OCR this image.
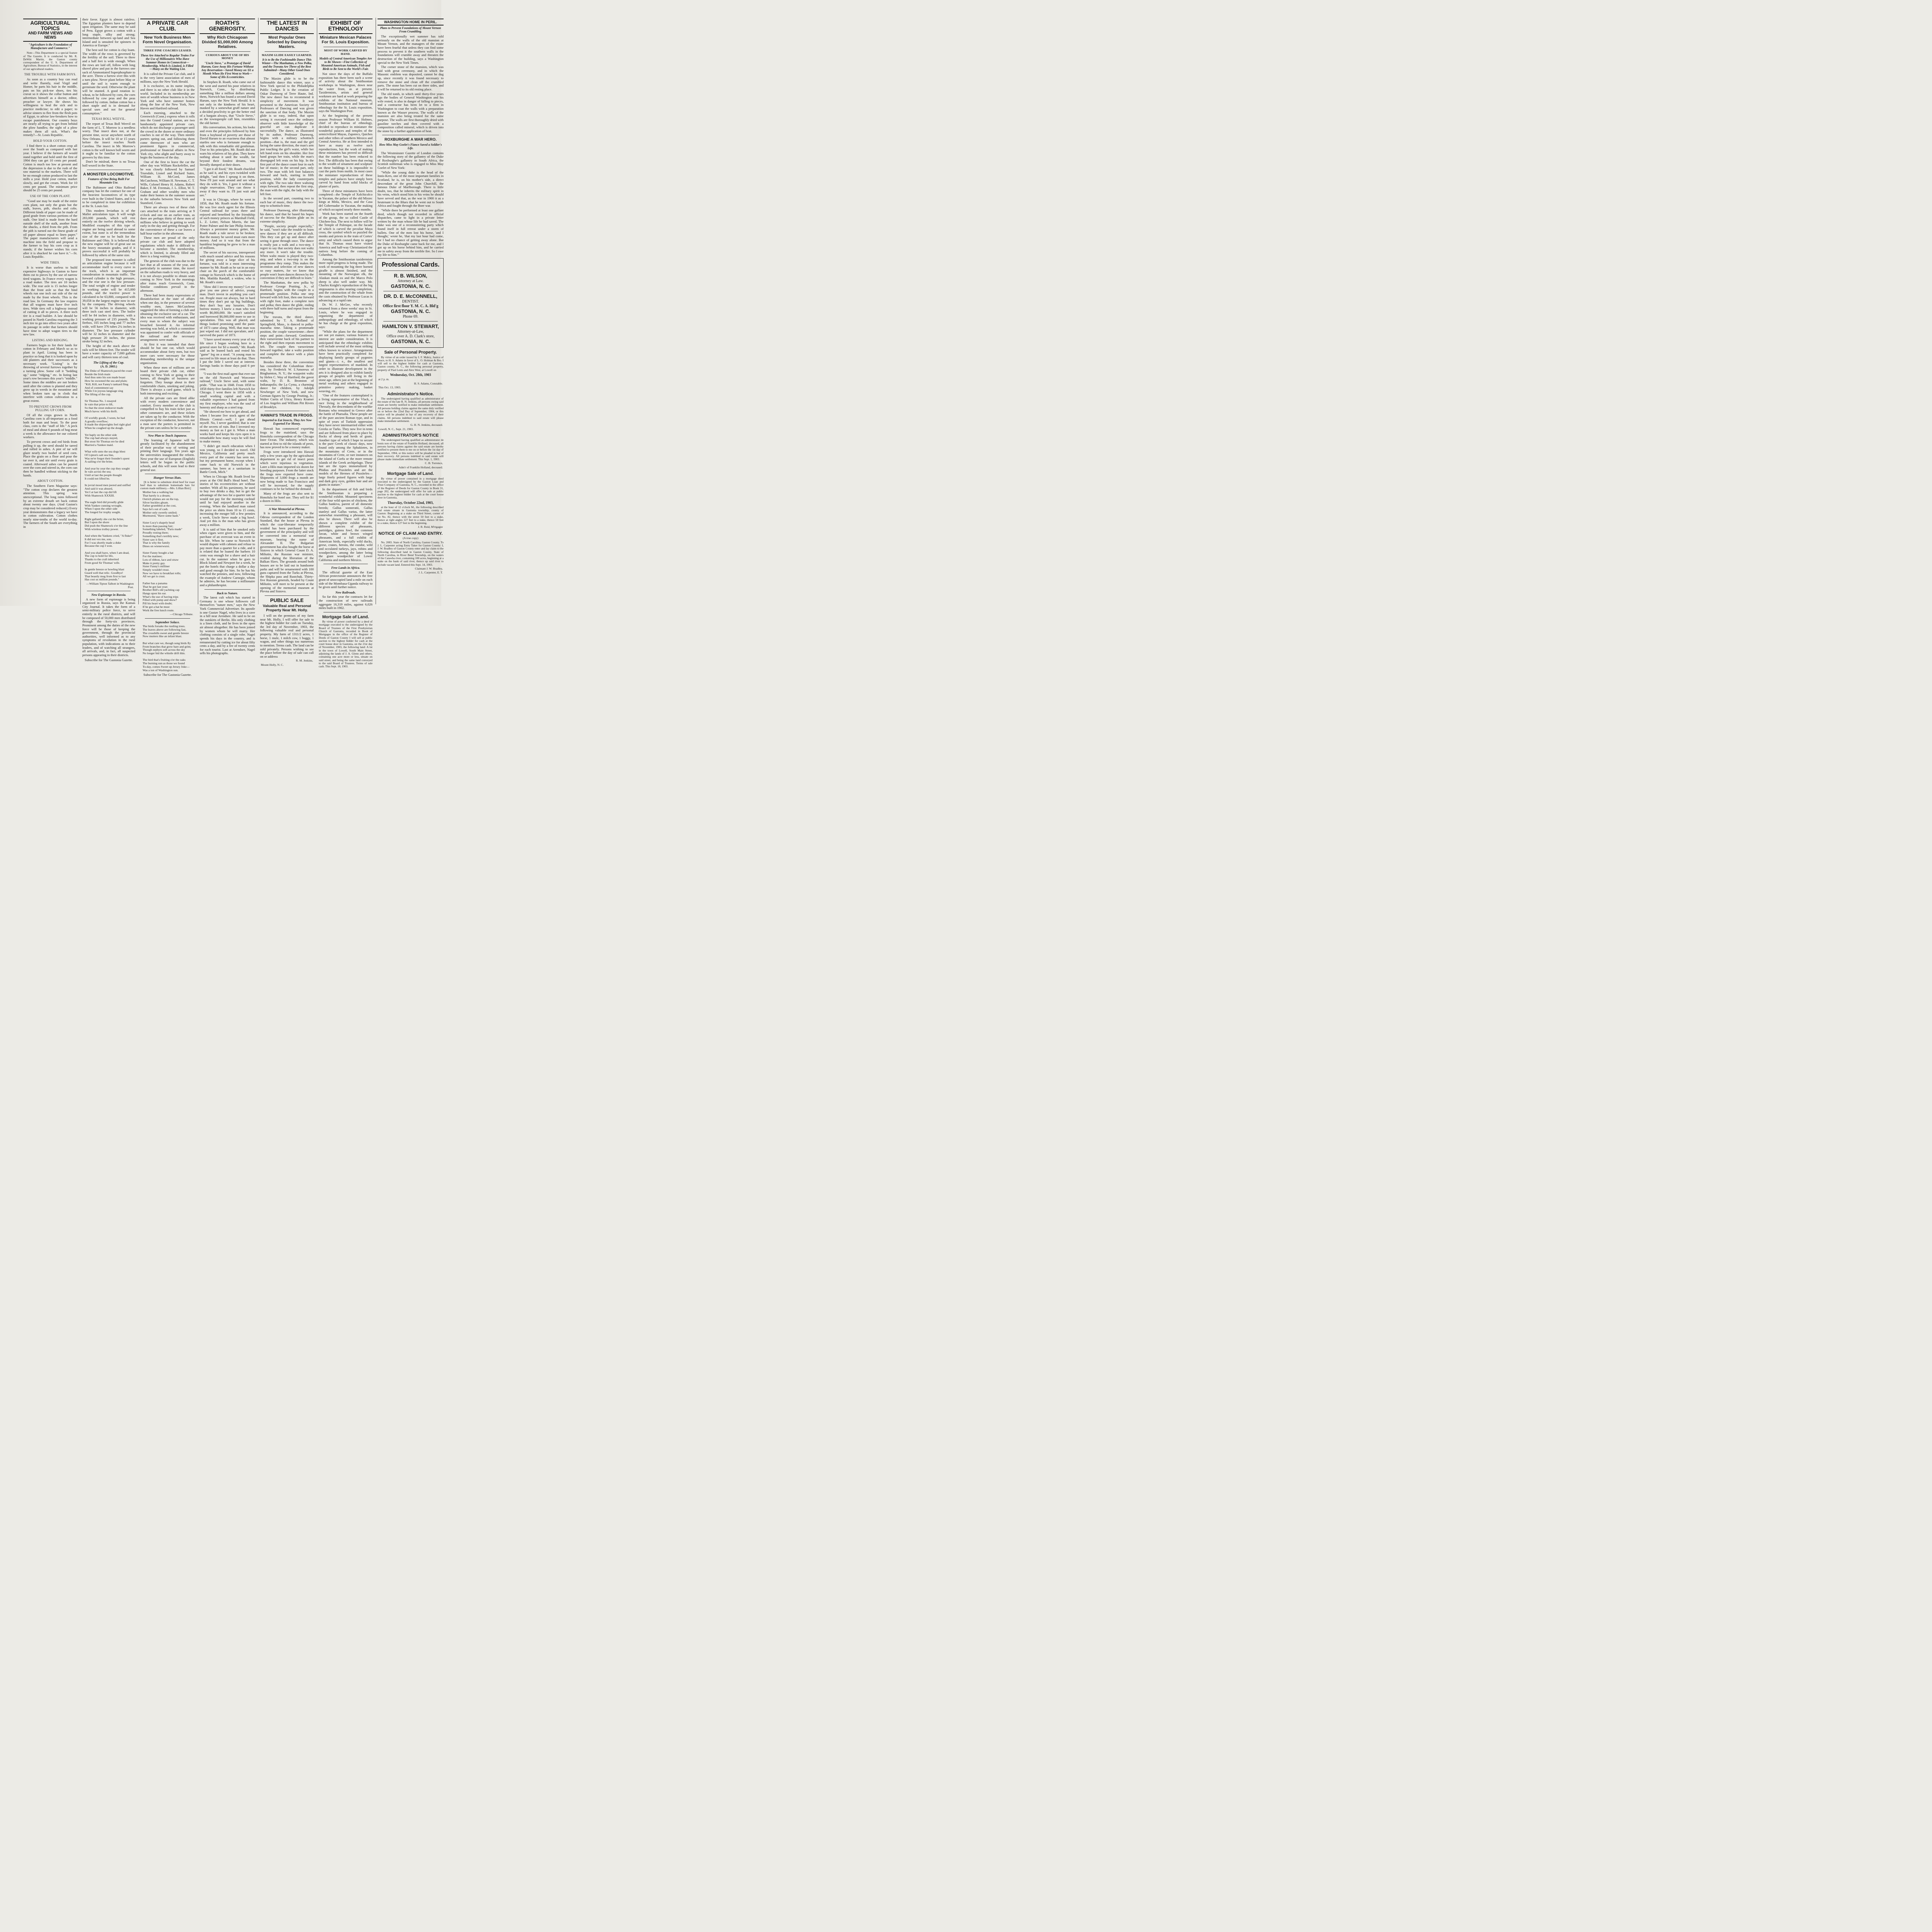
AGRICULTURAL TOPICS
AND FARM VIEWS AND NEWS
"Agriculture is the Foundation of Manufacture and Commerce."

Note—This Department is a special feature of The Gazette. It is conducted by Mr. R. DeWitt Martin, the Gaston county correspondent of the U. S. Department of Agriculture, Bureau of Statistics, in the interest of our agricultural readers.

THE TROUBLE WITH FARM BOYS.

As soon as a country boy can read and write fluently, read Virgil and Homer, he parts his hair in the middle, puts on his pick-toe shoes, ties his cravat so it shows the collar button and advertises himself as a doctor, editor, preacher or lawyer. He shows his willingness to heal the sick and to practice medicine; to edit a paper; to advise sinners to flee from the flesh pots of Egypt, to advise law-breakers how to escape punishment. Our country boys are nearly all trying to get from behind the plow handles; the sight of a plow makes them all sick. What's the remedy?—St. Louis Republic.

HOLD YOUR COTTON.

I find there is a short cotton crop all over the South as compared with last year. I believe if the farmers all would stand together and hold until the first of 1904 they can get 10 cents per pound. Cotton is much too low at present and the depression is due to the rush of the raw material to the markets. There will be no enough cotton produced to last the mills a year. Hold your cotton, market slowly, and get the cream. Work for 10 cents per pound. The minimum price should be 25 cents per pound.

USE OF THE CORN PLANT.

"Good use may be made of the entire corn plant, not only the grain but the stalk, leaves, pith, shucks and cobs. Different kinds of paper can be made of good grade from various portions of the stalk. One kind is made from the hard outside shell of the stalk, another from the shucks, a third from the pith. From the pith is turned out the finest grade of oil paper almost equal to linen paper." The paper manufacturers will send a machine into the field and propose to the farmer to buy his corn crop as it stands; if the farmer wishes his corn after it is shucked he can have it."—St. Louis Republic.

WIDE TIRES.

It is worse than useless to build expensive highways in Gaston to have them cut to pieces by the use of narrow tired wagons. In France every wagon is a road maker. The tires are 10 inches wide. The rear axle is 15 inches longer than the front axle so that the hind wheels run one inch out side of the rut made by the front wheels. This is the road law. In Germany the law requires that all wagons must have five inch tires. Wide tires roll a highway instead of cutting it all to pieces. A three inch tire is a road builder. A law should be passed in North Carolina requiring the 3 inch tire to go into effect two years after its passage in order that farmers should have time to adopt wagon tires to the new law.

LISTING AND RIDGING.

Farmers begin to list their lands for cotton in February and March so as to plant in April. Listing has been in practice so long that it is looked upon by old planters and their successors as a necessary work. "Listing" is the throwing of several furrows together by a turning plow. Some call it "bedding up," some "ridging," etc. In listing last year's row becomes this year's "middle." Some times the middles are not broken until after the cotton is planted and they grow up in weeds in the meantime and when broken turn up in clods that interfere with cotton cultivation to a great extent.

TO PREVENT CROWS FROM PULLING UP CORN.

Of all the crops grown in North Carolina corn is all-important as a food both for man and beast. To the poor class, corn is the "staff of life." A peck of meal and about 6 pounds of hog meat a week is the allowance for our colored workers.

To prevent crows and red birds from pulling it up, the seed should be tarred and rolled in ashes. A pint of tar will glaze nearly two bushel of seed corn. Place the grain on a floor and pour the tar over it, and stir until every grain is coated. Afterward ashes can be poured over the corn and stirred in, the corn can then be handled without sticking to the hands.

ABOUT COTTON.

The Southern Farm Magazine says: "The cotton crop declares the greatest attention. This spring was unexceptional. The long rains followed by an extreme drouth set back cotton about twenty one days. (And Gaston's crop may be considered reduced.) Every year demonstrates that a legacy we have in cotton cultivation. Cotton clothes nearly nine-tenths of the world to-day. The farmers of the South are everything in

their favor. Egypt is almost rainless. The Egyptian planters have to depend upon irrigation. The same may be said of Peru. Egypt grows a cotton with a long staple, silky and strong; intermediate between up-land and Sea Island and is unsuited for spinners in America or Europe."

The best soil for cotton is clay loam. The width of the rows is governed by the fertility of the soil. Three to three and a half feet is wide enough. When the rows are laid off, follow with long shovel plow and put in the furrows one sack of Ammoniated Superphosphate to the acre. Throw a furrow over this with a turn plow. Never plant before May or until the soil is warm enough to germinate the seed. Otherwise the plant will be stunted. A good rotation is: wheat, to be followed by corn, the corn followed by cow peas and the peas followed by cotton. Indian cotton has a short staple and is in demand for special uses and not for general consumption."

TEXAS BOLL WEEVIL.

The report of Texas Boll Weevil on the farm of L. T. Morrow is a needless worry. That insect does not, at the present time, occur anywhere north of New Orleans. It will be 10 or 15 years before the insect reaches North Carolina. The insect in Mr. Morrow's cotton is the well known boll worm and it ought to be familiar to the cotton growers by this time.

Don't be mislead, there is no Texas boll weavil in the State.

A MONSTER LOCOMOTIVE.
Features of One Being Built For Mountain Use.

The Baltimore and Ohio Railroad company has let the contract for one of the heaviest locomotives of its type ever built in the United States, and it is to be completed in time for exhibition at the St. Louis fair.

This modern leviathan is of the Mallet articulation type. It will weigh 283,000 pounds, which will rest entirely on the twelve driving wheels. Modified examples of this type of engine are being used abroad to some extent, but none is of the tremendous size of the one to be built for the Baltimore and Ohio. It is believed that the new engine will be of great use on the heavy mountain grades, and if it proves successful it will probably be followed by others of the same size.

The proposed iron monster is called an articulation engine because it will accommodate itself to every curve in the track, which is an important consideration in mountain traffic. The forward cylinder is the high pressure, and the rear one is the low pressure. The total weight of engine and tender in working order will be 415,000 pounds, and the tractive power is calculated to be 63,800, compared with 39,058 in the largest engine now in use by the company. The driving wheels will be 56 inches in diameter, with three inch cast steel tires. The boiler will be 84 inches in diameter, with a working pressure of 235 pounds. The firebox, 105 inches long and 77 inches wide, will have 376 tubes 2¼ inches in diameter. The low pressure cylinder will be 32 inches in diameter and the high pressure 20 inches, the piston stroke being 32 inches.

The height of the stack above the rails will be fifteen feet. The tender will have a water capacity of 7,000 gallons and will carry thirteen tons of coal.

The Lifting of the Cup.
(A. D. 2003.)
The Duke of Shamrock paced the coast
Beside the Irish main
And thus unto his son made boast
How he swooned the sea and plain;
"Kill, Kill, not Fanny's tankard fling
And of contentment say
While I in joyous language sing
The lifting of the cup.

Sir Thomas No. 1 essayed
In vain that prize to lift,
So that the stout endeavor made
Much havoc with his thrift.

Of worldly goods, I ween, he had
A goodly overflow;
It made the shipwrights feel right glad
When he coughed up the dough.

Yet haply on the other side
The cup had always stayed,
But stout Sir Thomas ere he died
Married a Yankee maid.

What wife unto the sea dogs blest
Of Lipton's salt sea line,
Was ne'er forgot their founder's quest
A-sailing o'er the brine.

And year by year the cup they sought
In vain across the sea;
Until at last the people thought
It could not lifted be.

In jovial mood men jeered and sniffed
And said it was absurd,
Yet I at last the cup did lift
With Shamrock XXXIII.

The eagle bird did proudly glide
With Yankee cunning wrought,
When I upon the other side
The longed for trophy sought.

Right gallantly she cut the brine,
But I upon the shore
Did push the Shamrock o'er the line
With wireless trolley power.

And when the Yankees cried, "A fluke!"
It did not vex me, son,
For I was shortly made a duke
Because the cup I won.

And you shall have, when I am dead,
The cup to hold for life,
Thanks to the craft inherited
From good Sir Thomas' wife.

In gentle breeze or howling blast
Guard well that relic. Goodbye!
That beastly mug from first to last
Has cost us million pounds."
—William Tipton Talbott in Washington Post.
New Espionage in Russia.

A new form of espionage is being organized in Russia, says the Kansas City Journal. It takes the form of a semi-military police force, to serve entirely in the rural districts, and will be composed of 50,000 men distributed through the forty-six provinces. Prominent among the duties of the new force will be those of keeping the government, through the provincial authorities, well informed as to any symptoms of revolution in the rural population, with indications as to their leaders, and of watching all strangers, all arrivals, and, in fact, all suspected persons appearing in their districts.

Subscribe for The Gastonia Gazette.
A PRIVATE CAR CLUB.
New York Business Men Form Novel Organisation.
THREE FINE COACHES LEASED.
These Are Attached to Regular Trains For the Use of Millionaires Who Have Summer Homes in Connecticut—Membership, Which Is Limited, is Filled—Many on the Waiting List.

It is called the Private Car club, and it is the very latest association of men of millions, says the New York Herald.

It is exclusive, as its name implies, and there is no other club like it in the world. Included in its membership are men of wealth whose business is in New York and who have summer homes along the line of the New York, New Haven and Hartford railroad.

Each morning, attached to the Greenwich (Conn.) express when it rolls into the Grand Central station, are two handsomely appointed private cars, which do not discharge a passenger until the crowd in the dozen or more ordinary coaches is out of the way. Then nimble porters spring out, and following them come threescore of men who are prominent figures in commercial, professional or financial affairs in New York city, who alight and hurry away to begin the business of the day.

One of the first to leave the car the other day was William Rockefeller, and he was closely followed by Samuel Truesdale, Lionel and Richard Sutro, William H. McCord, James McCutcheon, William H. Newman, C. T. Wills, Colonel Henry H. Adams, Robert Baker, F. M. Freeman, J. L. Elliot, W. T. Graham and other wealthy men who make their homes in the summer season in the suburbs between New York and Stamford, Conn.

There are always two of these club cars attached to the train arriving at 9 o'clock and one on an earlier train, as there are perhaps thirty of these men of millions who believe in getting to work early in the day and getting through. For the convenience of these a car leaves a half hour earlier in the afternoon.

These men are proud of the only private car club and have adopted regulations which make it difficult to become a member. The membership, which is limited, is already filled and there is a long waiting list.

The genesis of the club was due to the fact that at all seasons of the year, and particularly in summer time, the travel on the suburban roads is very heavy, and it is not always possible to obtain seats coming to New York in the mornings after trains reach Greenwich, Conn. Similar conditions prevail in the afternoon.

There had been many expressions of dissatisfaction at the state of affairs when one day, in the presence of several wealthy men, James McCutcheon suggested the idea of forming a club and obtaining the exclusive use of a car. The idea was received with enthusiasm, and every man to whom the subject was broached favored it. An informal meeting was held, at which a committee was appointed to confer with officials of the railroad and the necessary arrangements were made.

At first it was intended that there should be but one car, which would accommodate about forty men, but two more cars were necessary for those demanding membership in the unique organization.

When these men of millions are on board their private club car, either coming to New York or going to their homes, all thoughts of business are forgotten. They lounge about in their comfortable chairs, smoking and joking. There is always a card game, which is both interesting and exciting.

All the private cars are fitted alike with every modern convenience and comfort. Every member of the club is compelled to buy his train ticket just as other commuters are, and these tickets are taken up by the conductor. With the exception of the conductor, however, not a man save the porters is permitted in the private cars unless he be a member.

New Plan to Teach Japanese.

The learning of Japanese will be greatly facilitated by the abandonment of their peculiar way of writing and printing their language. Ten years ago the universities inaugurated the reform. Next year the use of European (English) letters will be begun in the public schools, and this will soon lead to their general use.

Hunger Versus Hats.

[It is better to substitute dried beef for roast beef than to substitute homemade hats for custom made millinery.—Mrs. Lillian Bird.]

Mother has a walking hat
That barely is a dream;
Ostrich plumes are on the top,
Silver buckles gleam.
Father grumbled at the cost,
Says he's out of cash.
Mother only sweetly smiled;
Murmured, "Have some hash."

Sister Lucy's shapely head
Is more than passing fair;
Something labeled, "Paris made"
Proudly resting there;
Something that's terribly new;
Sister saw it first.
That is why the family
Dines on wienerwurst.

Sister Fanny bought a hat
For the matinee;
Lots of ribbon, lace and straw
Make it pretty gay.
Sister Fanny's milliner
Simply wouldn't trust.
Now we have to breakfast rolls;
All we get is crust.

Father has a panama
That he got last year;
Brother Bill's old yachting cap
Hangs upon his ear.
What's the use of having trips
Filled with pomp and show?
Pill his heart with doubt;
If he got a hat he must
Work the free lunch route.
—Chicago Tribune.
September Solace.
The birds forsake the rustling trees.
The leaves above are following fast,
The crossbills sweet and gentle breeze
Now mutters like an infant blast.

But what care we, though song birds fly
From branches that grow bare and grim;
Though zephyrs soft across the sky
No longer bid the whistle drift thin.

The bird that's fruiting o'er the oaks
The burning sun as those we found
To-day, comes Sweet up Jersey Joke—
Was a ton of Washington sun.
Subscribe for The Gastonia Gazette.
ROATH'S GENEROSITY.
Why Rich Chicagoan Divided $1,000,000 Among Relatives.
CURIOUS ABOUT USE OF HIS MONEY
"Uncle Steve," a Prototype of David Harum, Gave Away His Fortune Without Any Reservation—Saved Money on \$1 a Month When He First Went to Work—Some of His Eccentricities.

In Stephen B. Roath, who came out of the west and started his poor relatives in Norwich, Conn., by distributing something like a million dollars among them, Norwich has found a second David Harum, says the New York Herald. It is not only in the kindness of his heart, masked by a somewhat gruff nature and a decided proclivity to get the better end of a bargain always, that "Uncle Steve," as the townspeople call him, resembles the old farmer.

His conversation, his actions, his looks and even the principles followed by him from a boyhood of poverty are those of David Harum to an exactness that almost startles one who is fortunate enough to talk with this remarkable old gentleman. True to his principles, Mr. Roath did not warn his relatives of his plan. They knew nothing about it until the wealth, far beyond their fondest dreams, was literally dumped at their doors.

"I got it all fixed," Mr. Roath chuckled as he said it, and his eyes twinkled with delight, "and then I sprung it on them. Now I'll just wait around and see what they do with it. Yes, I gave it without a single reservation. They can throw it away if they want to. I'll just wait and see."

It was in Chicago, where he went in 1858, that Mr. Roath made his fortune. He was live stock agent for the Illinois Central railroad for years there and enjoyed and benefited by the friendship of such money princes as Marshall Field, L. Z. Leiter, Nelson Morris, the late Potter Palmer and the late Philip Armour. Always a persistent money getter, Mr. Roath made a rule never to be broken; that the money he saved must earn more money. And so it was that from the humblest beginning he grew to be a man of millions.

The secret of his success, interspersed with much sound advice and his reasons for giving away a large slice of his fortune, was told in a most interesting manner by Mr. Roath as he sat in an easy chair on the porch of the comfortable cottage in Norwich which is the home of Mrs. Matilda Randall, a widow, who is Mr. Roath's sister.

"How did I invest my money? Let me give you one piece of advice, young man. Don't invest in anything you can't eat. People must eat always, but in hard times they don't put up big buildings, they don't buy any luxuries. Don't borrow money. I knew a man who was worth $6,000,000. He wasn't satisfied and borrowed $6,000,000 more to use in speculation. This was all placed, and things looked promising until the panic of 1873 came along. Well, that man was just wiped out. I did not speculate, and I survived the panic of 1873.

"I have saved money every year of my life since I began working here in a general store for $3 a month," Mr. Roath said as he leaned back and rested his "game" leg on a stool. "A young man to succeed in life must at least do that. Then I put the little I saved out at interest. Savings banks in those days paid 6 per cent.

"I was the first mail agent that ever ran on the old Norwich and Worcester railroad," Uncle Steve said, with some pride. "That was in 1848. From 1858 to 1858 thirty-five families left Norwich for Chicago. I went there in 1858 with a small working capital and with a valuable experience I had gained from my first employer, who was the soul of honesty and sharp as a steel trap.

"He showed me how to get ahead, and when I became live stock agent of the Illinois Central—well, I got ahead myself. No, I never gambled; that is one of the secrets of ruin. But I invested my money as fast as I got it. When a man works hard and keeps his eyes open it is remarkable how many ways he will find to make money.

"I didn't get much education when I was young, so I decided to travel. Old Mexico, California and pretty much every part of the country has seen me, but my permanent home, except when I come back to old Norwich in the summer, has been at a sanitarium in Battle Creek, Mich."

When in Chicago Mr. Roath lived for years at the Old Bull's Head hotel. The stories of his eccentricities are without number. With all his parsimony, he used to buy two drinks a day, but to get the advantage of the two for a quarter rate he would not pay for the morning cocktail until he had enjoyed another in the evening. When the landlord man raised the price on shirts from 10 to 15 cents, increasing the meager bill a few pennies a week, Uncle Steve made a big howl. And yet this is the man who has given away a million.

It is said of him that he smoked only when cigars were given to him, and the purchase of an overcoat was an event in his life. When he came to Norwich he would dispute with cabmen and refuse to pay more than a quarter for a ride, and it is related that he loaned the barbers 10 cents was enough for a shave and a hair cut. In the summer when he goes to Block Island and Newport for a week, he put the hotels that charge a dollar a day and good enough for him. So he has his watched the pennies, and now, following the example of Andrew Carnegie, whom he admires, he has become a millionaire and a philanthropist.

Back to Nature.

The latest cult which has started in Germany is one whose followers call themselves "nature men," says the New York Commercial Advertiser. Its apostle is one Gustav Nagel, who lives in a cave in a hill near Arendsee. He said to be on the outskirts of Berlin. His only clothing is a linen cloth, and he lives in the open air almost altogether. He has been joined by women whom he will marry. Her clothing consists of a single robe. Nagel spends his days in the country, and is remunerated by cutting ice for about fifty cents a day, and by a fee of twenty cents for each tourist. Last at Arendsee, Nagel sells his photographs.

THE LATEST IN DANCES
Most Popular Ones Selected by Dancing Masters.
MAXIM GLIDE EASILY LEARNED.
It is to Be the Fashionable Dance This Winter—The Manhattan, a New Polka, and the Travata Are Three of the Best Submitted—Many Other Good Ones Considered.

The Maxim glide is to be the fashionable dance this winter, says a New York special to the Philadelphia Public Ledger. It is the creation of Oskar Duenweg of Terre Haute, Ind. The new dance has to recommend it simplicity of movement. It was presented to the American Society of Professors of Dancing and was given the sanction of that body. The Maxim glide is so easy, indeed, that upon seeing it executed once the ordinary observer with little knowledge of the graceful art can duplicate it successfully. The dance, as illustrated by its author, Professor Duenweg, begins with a military schottisch position—that is, the man and the girl facing the same direction, the man's arm just touching the girl's waist, while her left hand rests on his shoulder. Her free hand grasps her train, while the man's disengaged left rests on his hip. In the first part of the dance count four in each bar of music; in the second part, only two. The man with left foot balances forward and back, starting in fifth position, while the lady counterparts with right. The two take three waltzing steps forward, then repeat the first step, the man with the right, the lady with the left foot.

In the second part, counting two to each bar of music, they dance the two-step to schottisch time.

Professor Duenweg, after illustrating his dance, said that he based his hopes of success for the Maxim glide on its extreme simplicity.

"People, society people especially," he said, "won't take the trouble to learn new dances if they are at all difficult. This they can get up and dance after seeing it gone through once. The dance is really just a walk and a two-step. I regret to say that society does not waltz any more. It won't take the trouble. When waltz music is played they two-step, and when a two-step is on the programme they romp. This makes the invention and selection of new dances so easy matters, for we know that people won't learn dances thrown by the convention if they are difficult to learn."

The Manhattan, the new polka by Professor George Prutting, Jr., of Hartford, begins with the couple in a promenade position. Polka one step forward with left foot, then one forward with right foot, make a complete turn and polka; then dance the glide, ending with three half turns and repeat from the beginning.

The travata, the third dance, submitted by T. A. Holland of Springfield, Mass., is danced to polka-mazurka time. Taking a promenade position, the couple varsovienne—three steps and point—forward. Gentlemen then varsovienne back of his partner to the right and then repeats movement to left. The couple then varsovienne forward together, take a waltz position and complete the dance with a plain mazurka.

Besides these three, the convention has considered the Columbian three-step, by Frederick W. L'Amoreux of Binghamton, N. Y.; the waypoint waltz by Helen C. Way of Hartford; the gavot waltz, by D. R. Bronston of Indianapolis; the La Cyma, a charming dance for children, by Adolph Newberger of New York, and new German figures by George Prutting, Jr.; Walter Curtis of Utica, Henry Kramer of Los Angeles and William Pitt Rivers of Brooklyn.

HAWAII'S TRADE IN FROGS.
Imported to Eat Insects, They Are Now Exported For Money.

Hawaii has commenced exporting frogs to the mainland, says the Honolulu correspondent of the Chicago Inter Ocean. The industry, which was started at first to rid the islands of pests, has now proved to be a money maker.

Frogs were introduced into Hawaii only a few years ago by the agricultural department to get rid of insect pests which were injurious to vegetation. Later a Hilo man imported six dozen for breeding purposes. From the latter stock the frogs now exported have come. Shipments of 3,000 frogs a month are now being made to San Francisco and will be increased, for the supply continues to be far behind the demand.

Many of the frogs are also sent to Honolulu for hotel use. They sell for $1 a dozen in Hilo.

A War Memorial at Plevna.

It is announced, according to the Odessa correspondent of the London Standard, that the house at Plevna in which the czar-liberator temporarily resided has been purchased by the government of the principality and will be converted into a memorial war museum, bearing the name of Alexander II. The Bulgarian government has also bought the horse at Sistovo in which General Count D. A. Miliutin, the Russian war minister, resided during the liberation of the Balkan Slavs. The grounds around both houses are to be laid out in handsome parks and will be ornamented with 100 guns captured from the Turks at Plevna, the Shipka pass and Rustchuk. Thirty-five Russian generals, headed by Count Miliutin, will meet to be present at the opening of the memorial museum at Plevna and Sistovo.

PUBLIC SALE
Valuable Real and Personal Property Near Mt. Holly.

I will on the premises of my farm near Mt. Holly, I will offer for sale to the highest bidder for cash on Tuesday, the 3rd day of November, 1903, the following valuable real and personal property. My farm of 1311/2 acres, 1 horse, 1 mule, 1 milch cow, 1 buggy, 1 wagon, and other things too numerous to mention. Terms cash. The land can be sold privately. Persons wishing to see the place before the day of sale can call on or address

R. M. Jenkins,
Mount Holly, N. C.
EXHIBIT OF ETHNOLOGY
Miniature Mexican Palaces For St. Louis Exposition.
MOST OF WORK CARVED BY HAND.
Models of Central American Temples Are to Be Shown—Fine Collection of Mounted American Animals, Fish and Birds to Be Sent to the World's Fair.

Not since the days of the Buffalo exposition has there been such a scene of activity about the Smithsonian workshops in Washington, down near the water front, as at present. Taxidermists, artists and general workmen are hard at work preparing the exhibits of the National museum, Smithsonian institution and bureau of ethnology for the St. Louis exposition, says the Washington Post.

At the beginning of the present season Professor William H. Holmes, chief of the bureau of ethnology, decided to reproduce in miniature the wonderful palaces and temples of the semicivilized Mayas, Zapotecs, Quiches and other tribes of southern Mexico and Central America. He at first intended to have as many as twelve such reproductions, but the work of making these miniatures has proved so difficult that the number has been reduced to five. The difficulty has been that owing to the wealth of ornament and sculpture on these buildings it is impossible to cast the parts from molds. In most cases the miniature reproductions of these temples and palaces have simply been carved by hand from solid blocks of plaster of paris.

Three of these miniatures have been completed—the Temple of Xolchicolco in Yucatan, the palace of the old Mixtec kings at Mitla, Mexico, and the Casa del Gobernador in Yucatan, the making of which occupied nearly three months.

Work has been started on the fourth of the group, the so called Castle of Chichen-Itza. The next to follow will be the Temple of Palenque, on the facade of which is carved the peculiar Maya cross, the symbol which so puzzled the monks and priests in the train of Cortes' army and which caused them to argue that St. Thomas must have visited America and half-way Christianized the natives long before the coming of Columbus.

Among the Smithsonian taxidermists more rapid progress is being made. The work of mounting the big three horned giraffe is almost finished, and the mounting of the Norwegian elk, the Alaskan musk ox and the Marco Polo sheep is also well under way. Mr. Charles Knight's reproduction of the big stegosaurus is also nearing completion, and the construction of the whale from the casts obtained by Professor Lucas is advancing at a rapid rate.

Dr. W. J. McGee, who recently returned from a three weeks' stay in St. Louis, where he was engaged in organizing the department of anthropology and ethnology, of which he has charge at the great exposition, says:

"While the plans for the department are not yet mature, various features of interest are under consideration. It is anticipated that the ethnologic exhibits will include several of the most striking tribes known to science. Arrangements have been practically completed for displaying family groups of pygmies and giants—i. e., the smallest and largest representatives of mankind. In order to illustrate development in the arts it is designed also to exhibit family groups of peoples still living in the stone age, others just at the beginning of metal working and others engaged in primitive pottery making, basket weaving, etc.

"One of the features contemplated is a living representative of the Vlack, a race living in the neighborhood of Thessaly, the descendants of the warlike Romans who remained in Greece after the battle of Pharsalia. These people are of the pure ancient Roman type, and in spite of years of Turkish oppression they have never intermarried either with Greeks or Turks. They now live in tents and are followed from place to place by flocks of sheep and herds of goats. Another type of which I hope to secure is the pure Greek of classic days, now found only among the Sphakiotes, in the mountains of Crete, or in the mountains of Crete, or rare instances on the island of Corfu or the more remote islands of the Greek archipelago. These last are the types immortalized by Phidias and Praxiteles and are the models of the Hermes of Praxiteles—large finely poised figures with large and dark grey eyes, golden hair and are giants in stature."

In the department of fish and birds the Smithsonian is preparing a wonderful exhibit. Mounted specimens of the four wild species of chickens, the Gallus bankiva, parent of all domestic breeds; Gallus sonneratii, Gallus stanleyi and Gallus varius, the latter somewhat resembling a pheasant, will also be shown. There will also be shown a complete exhibit of the different species of pheasants, partridges, guinea fowl, the common Javan, white and brown winged pheasants, and a full exhibit of American birds, especially wild ducks, geese, cranes, herons, the condor, wild and occulated turkeys, jays, robins and woodpeckers, among the latter being the giant woodpecker of Lower California and northern Mexico.

Free Lands in Africa.

The official gazette of the East African protectorate announces the free grant of unoccupied land a mile on each side of the Mombasa-Uganda railway to be given until further notice.

New Railroads.

So far this year the contracts let for the construction of new railroads aggregate 16,319 miles, against 6,026 miles built in 1902.

Mortgage Sale of Land.

By virtue of power conferred by a deed of mortgage executed to the undersigned by the Board of Trustees of the First Presbyterian Church of Gastonia, recorded in Book of Mortgages in the office of the Register of Deeds of Gaston County I will sell at public auction to the highest bidder for cash at the court house door in Gastonia, on the 21st day of November, 1903, the following land: A lot in the town of Lowell, South Main Street, adjoining the lands of J. A. Glenn and others, containing one acre more or less, situate on said street, and being the same land conveyed to the said Board of Trustees. Terms of sale cash. This Sept. 18, 1903.

WASHINGTON HOME IN PERIL.
Plans to Prevent Foundations of Mount Vernon From Crumbling.

The exceptionally wet summer has told seriously on the walls of the old mansion at Mount Vernon, and the managers of the estate have been fearful that unless they can find some process to prevent it the southern walls in the foundations will crumble away and threaten the destruction of the building, says a Washington special to the New York Times.

The corner stone of the mansion, which was laid with great ceremony, and in which the Masonic emblem was deposited, cannot be dug up, since recently it was found necessary to remove the stone and clean off the crumbled parts. The stone has been cut on three sides, and it will be returned to its old resting place.

The old tomb, in which until thirty-five years ago the bodies of General Washington and his wife rested, is also in danger of falling to pieces, and a contractor has been let to a firm in Washington to coat the walls with a preparation known as the Wasser process. The walls of the mansion are also being treated for the same purpose. The walls are first thoroughly dried with gasoline torches and then covered with a composition called mineral, which is driven into the stone by a further application of heat.

ROXBURGHE A WAR HERO.
How Miss May Goelet's Fiance Saved a Soldier's Life.

The Westminster Gazette of London contains the following story of the gallantry of the Duke of Roxburghe's gallantry in South Africa, the Scottish nobleman who is engaged to Miss May Goelet of New York:

"While the young duke is the head of the Innis-Kers, one of the most important families in Scotland, he is, on his mother's side, a direct descendant of the great John Churchill, the famous Duke of Marlborough. There is little doubt, too, that he inherits the military spirit in his veins, which stood him in his veins he should have served and that, as the war in 1900 it as a lieutenant in the Blues that he went out to South Africa and fought through the Boer war.

"While there he performed at least one gallant deed, which though not recorded in official dispatches, came to light in a private letter written by the man whose life he had saved. The duke was one of a reconnoitering party which found itself in full retreat under a storm of bullets. One of the men lost his horse, 'and I thought,' wrote he, 'that my last hour had come, for I had no chance of getting away alone. But the Duke of Roxburghe came back for me, and I got up on his horse behind him, and he carried me in safety away from the terrible fire. So I owe my life to him.'"

Professional Cards.
R. B. WILSON,
Attorney at Law.
GASTONIA, N. C.
DR. D. E. McCONNELL,
DENTIST.
Office first floor Y. M. C. A. Bld'g
GASTONIA, N. C.
Phone 69.
HAMILTON V. STEWART,
Attorney-at-Law,
Office over A. D. Clark's store,
GASTONIA, N. C.
Sale of Personal Property.

By virtue of an order issued by I. F. Mabry, Justice of Peace, to H. S. Adams in favor of L. O. Holman & Bro. I will sell to the highest bidder for cash at Gastonia, Gaston county, N. C., the following personal property, property of Paul Lents and Alex West, at Lowell on

Wednesday, Oct. 28th, 1903
at 2 p. m.
H. S. Adams, Constable.
This Oct. 13, 1903.
Administrator's Notice.

The undersigned having qualified as administrator of the estate of the late R. N. Jenkins, all persons owing said estate are hereby notified to make immediate settlement. All persons holding claims against the same duly verified on or before the 22nd Day of September, 1904, or this notice will be pleaded in bar of any recovery of their claims. All persons indebted to said estate will please make immediate settlement.

G. H. N. Jenkins, deceased.
Lowell, N. C., Sept. 21, 1903.
ADMINISTRATOR'S NOTICE

The undersigned having qualified as administrator de bonis non of the estate of Franklin Holland, deceased, all persons having claims against the said estate are hereby notified to present them to me on or before the 1st day of September, 1904, or this notice will be pleaded in bar of their recovery. All persons indebted to said estate will please make immediate settlement. This Sept. 1, 1903.

C. B. Torrence,
Adm'r of Franklin Holland, deceased.
Mortgage Sale of Land.

By virtue of power contained in a mortgage deed executed to the undersigned by the Gaston Loan and Trust Company of Gastonia, N. C., recorded in the office of the Register of Deeds for Gaston County in Book 31, page 202, the undersigned will offer for sale at public auction to the highest bidder for cash at the court house door in Gastonia,

Thursday, October 22nd, 1903,

at the hour of 12 o'clock M., the following described real estate situate in Gastonia township, county of Gaston: Beginning at a stake on Third Street, corner of lot No. 82, thence with the street 50 feet to a stake, thence at right angles 127 feet to a stake, thence 50 feet to a stake, thence 127 feet to the beginning.

J. R. Reid, M'rtgagee
NOTICE OF CLAIM AND ENTRY.
(A true copy)

No. 2083. State of North Carolina, Gaston County. To J. L. Carpenter acting Entry Taker for Gaston County: I, J. W. Bradley of Gaston County enter and lay claim to the following described land in Gaston County, State of North Carolina, in River Bend Township, on the waters of the Catawba river, containing 100 acres, beginning at a stake on the bank of said river, thence up said river to include vacant land. Entered this Sept. 14, 1903.

Claimant J. W. Bradley,
J. L. Carpenter, E. T.
